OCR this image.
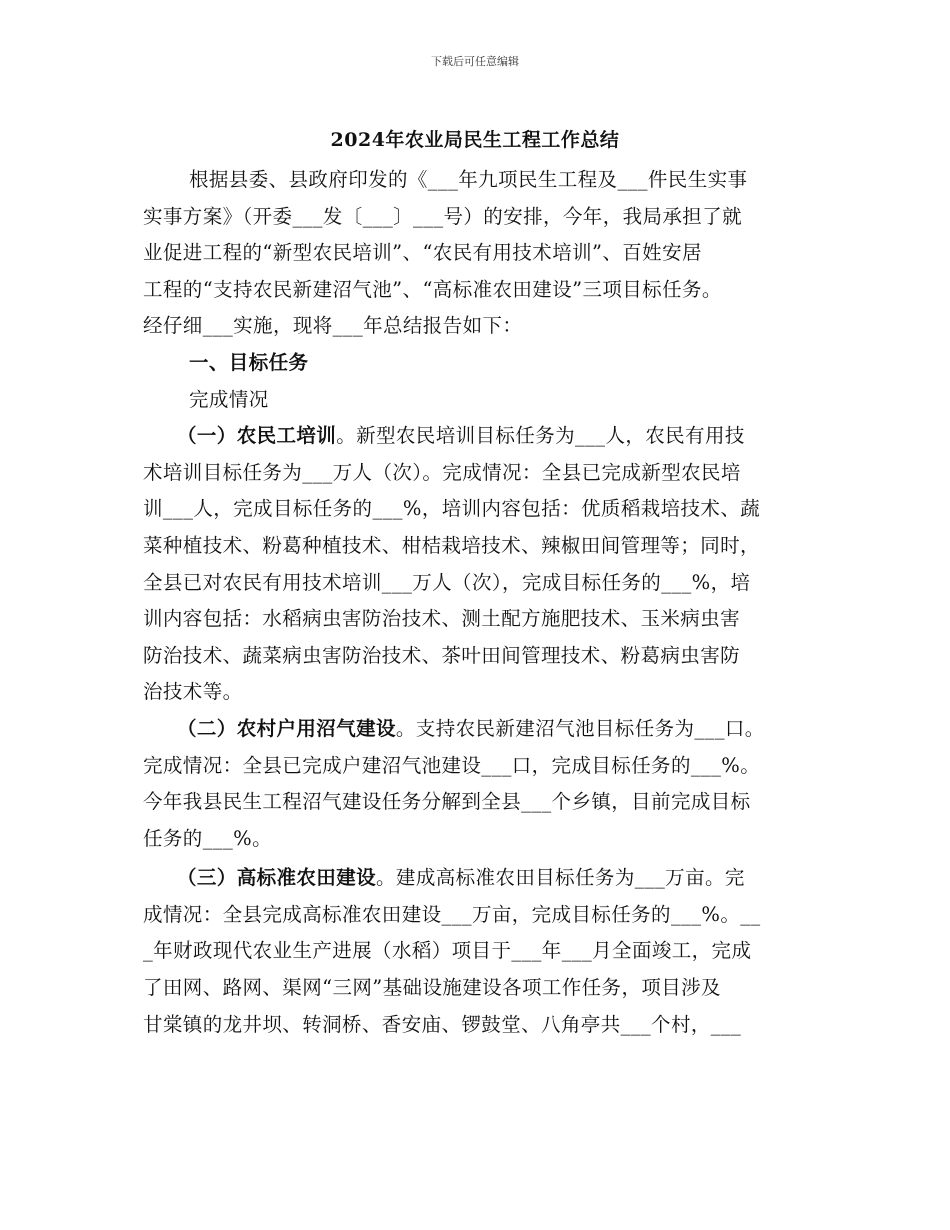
下载后可任意编辑
2024年农业局民生工程工作总结
根据县委、县政府印发的《___年九项民生工程及___件民生实事
实事方案》（开委___发〔___〕___号）的安排，今年，我局承担了就
业促进工程的“新型农民培训”、“农民有用技术培训”、百姓安居
工程的“支持农民新建沼气池”、“高标准农田建设”三项目标任务。
经仔细___实施，现将___年总结报告如下：
一、目标任务
完成情况
（一）农民工培训。新型农民培训目标任务为___人，农民有用技
术培训目标任务为___万人（次）。完成情况：全县已完成新型农民培
训___人，完成目标任务的___%，培训内容包括：优质稻栽培技术、蔬
菜种植技术、粉葛种植技术、柑桔栽培技术、辣椒田间管理等；同时，
全县已对农民有用技术培训___万人（次），完成目标任务的___%，培
训内容包括：水稻病虫害防治技术、测土配方施肥技术、玉米病虫害
防治技术、蔬菜病虫害防治技术、茶叶田间管理技术、粉葛病虫害防
治技术等。
（二）农村户用沼气建设。支持农民新建沼气池目标任务为___口。
完成情况：全县已完成户建沼气池建设___口，完成目标任务的___%。
今年我县民生工程沼气建设任务分解到全县___个乡镇，目前完成目标
任务的___%。
（三）高标准农田建设。建成高标准农田目标任务为___万亩。完
成情况：全县完成高标准农田建设___万亩，完成目标任务的___%。__
_年财政现代农业生产进展（水稻）项目于___年___月全面竣工，完成
了田网、路网、渠网“三网”基础设施建设各项工作任务，项目涉及
甘棠镇的龙井坝、转洞桥、香安庙、锣鼓堂、八角亭共___个村，___
